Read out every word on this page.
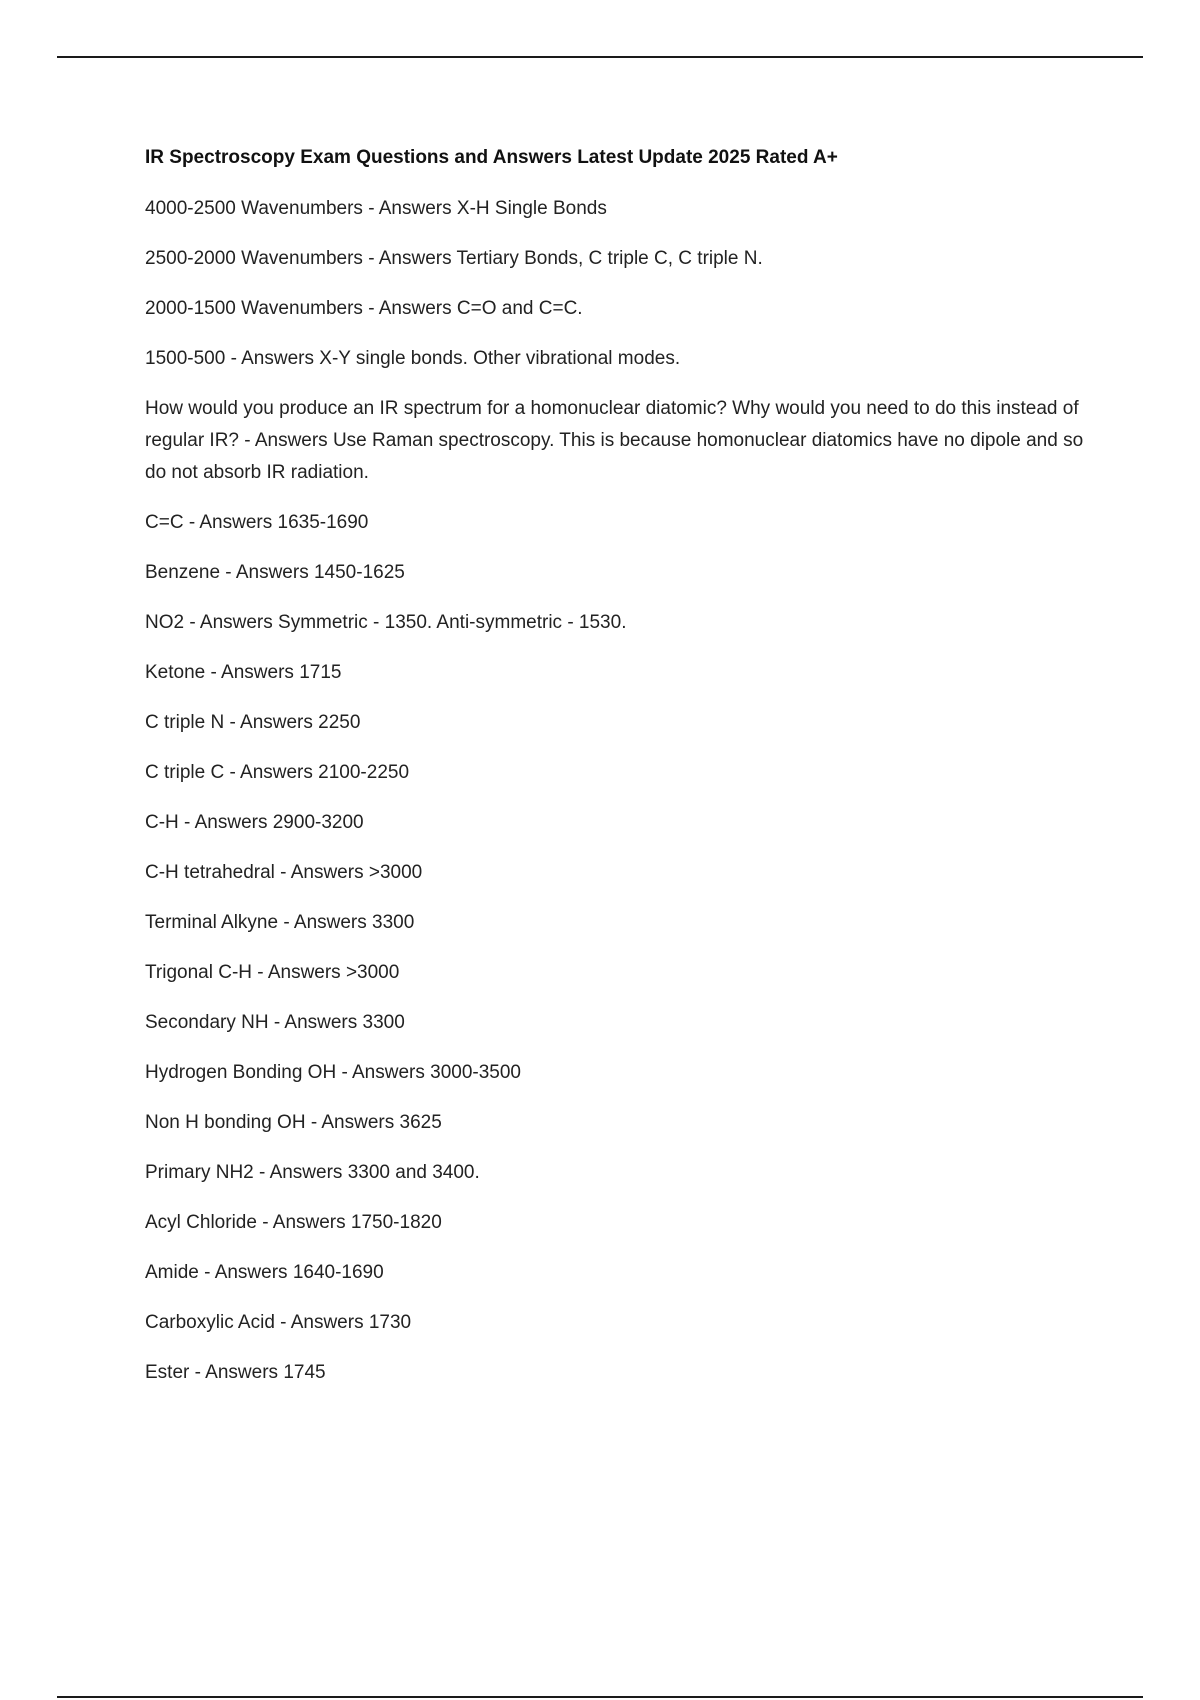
IR Spectroscopy Exam Questions and Answers Latest Update 2025 Rated A+

4000-2500 Wavenumbers - Answers X-H Single Bonds

2500-2000 Wavenumbers - Answers Tertiary Bonds, C triple C, C triple N.

2000-1500 Wavenumbers - Answers C=O and C=C.

1500-500 - Answers X-Y single bonds. Other vibrational modes.

How would you produce an IR spectrum for a homonuclear diatomic? Why would you need to do this instead of regular IR? - Answers Use Raman spectroscopy. This is because homonuclear diatomics have no dipole and so do not absorb IR radiation.

C=C - Answers 1635-1690

Benzene - Answers 1450-1625

NO2 - Answers Symmetric - 1350. Anti-symmetric - 1530.

Ketone - Answers 1715

C triple N - Answers 2250

C triple C - Answers 2100-2250

C-H - Answers 2900-3200

C-H tetrahedral - Answers >3000

Terminal Alkyne - Answers 3300

Trigonal C-H - Answers >3000

Secondary NH - Answers 3300

Hydrogen Bonding OH - Answers 3000-3500

Non H bonding OH - Answers 3625

Primary NH2 - Answers 3300 and 3400.

Acyl Chloride - Answers 1750-1820

Amide - Answers 1640-1690

Carboxylic Acid - Answers 1730

Ester - Answers 1745
